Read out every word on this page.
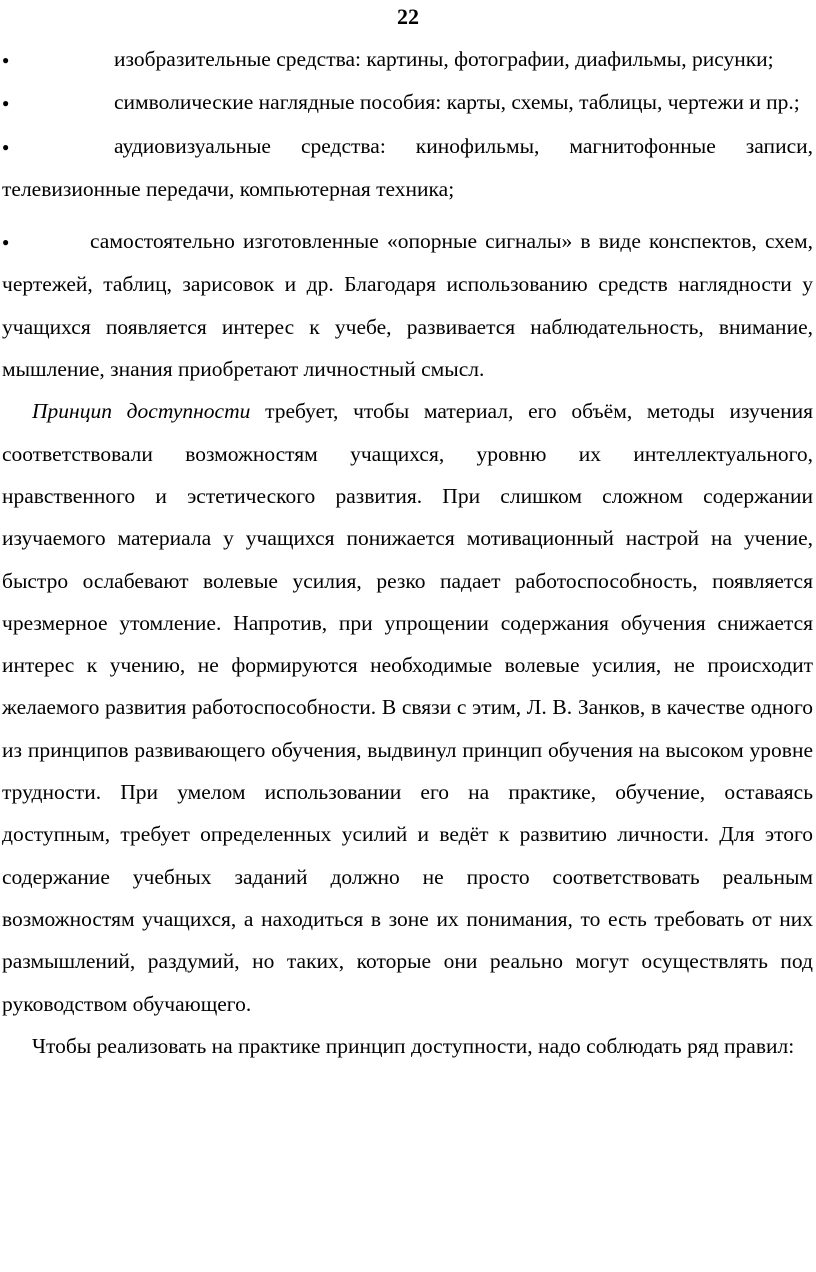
22

●	изобразительные средства: картины, фотографии, диафильмы, рисунки;

●	символические наглядные пособия: карты, схемы, таблицы, чертежи и пр.;

●	аудиовизуальные средства: кинофильмы, магнитофонные записи, телевизионные передачи, компьютерная техника;

●	самостоятельно изготовленные «опорные сигналы» в виде конспектов, схем, чертежей, таблиц, зарисовок и др. Благодаря использованию средств наглядности у учащихся появляется интерес к учебе, развивается наблюдательность, внимание, мышление, знания приобретают личностный смысл.

Принцип доступности требует, чтобы материал, его объём, методы изучения соответствовали возможностям учащихся, уровню их интеллектуального, нравственного и эстетического развития. При слишком сложном содержании изучаемого материала у учащихся понижается мотивационный настрой на учение, быстро ослабевают волевые усилия, резко падает работоспособность, появляется чрезмерное утомление. Напротив, при упрощении содержания обучения снижается интерес к учению, не формируются необходимые волевые усилия, не происходит желаемого развития работоспособности. В связи с этим, Л. В. Занков, в качестве одного из принципов развивающего обучения, выдвинул принцип обучения на высоком уровне трудности. При умелом использовании его на практике, обучение, оставаясь доступным, требует определенных усилий и ведёт к развитию личности. Для этого содержание учебных заданий должно не просто соответствовать реальным возможностям учащихся, а находиться в зоне их понимания, то есть требовать от них размышлений, раздумий, но таких, которые они реально могут осуществлять под руководством обучающего.

Чтобы реализовать на практике принцип доступности, надо соблюдать ряд правил:
